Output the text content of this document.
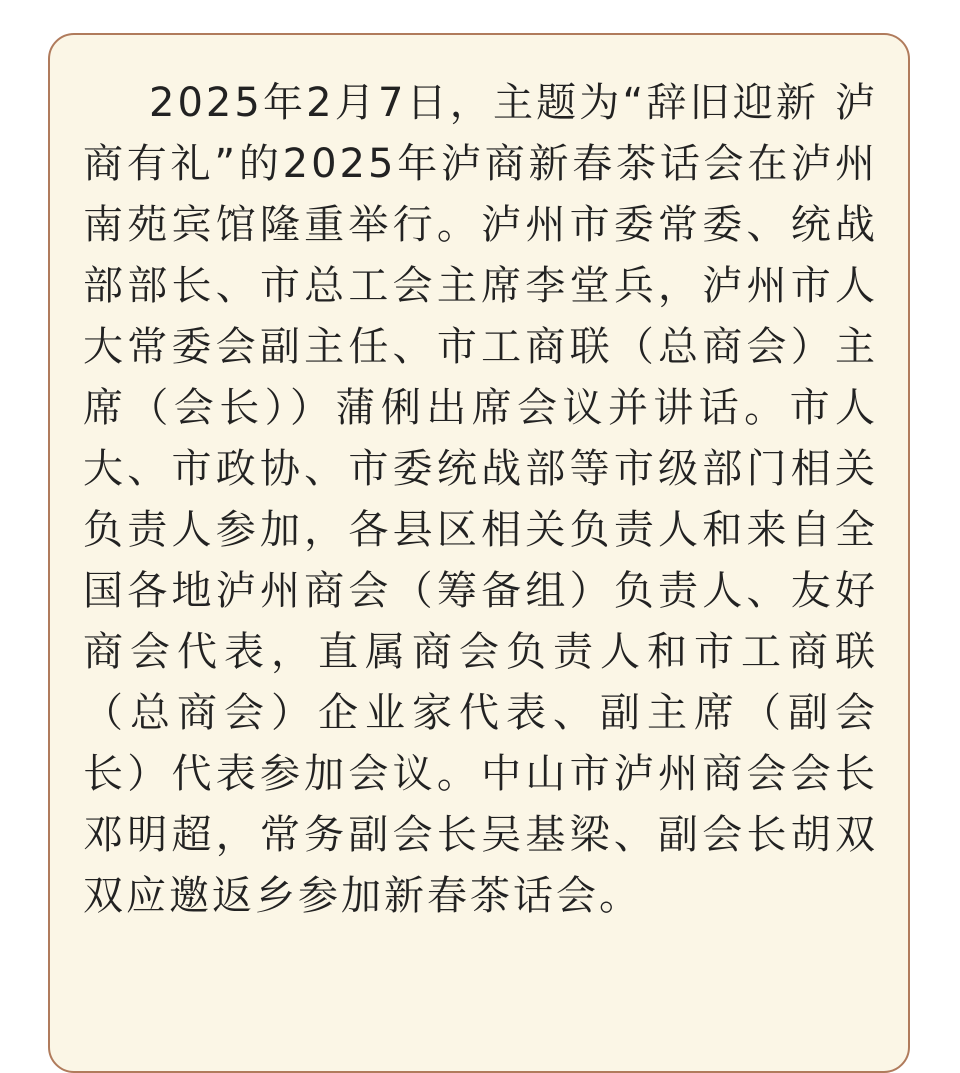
2025年2月7日，主题为“辞旧迎新 泸商有礼”的2025年泸商新春茶话会在泸州南苑宾馆隆重举行。泸州市委常委、统战部部长、市总工会主席李堂兵，泸州市人大常委会副主任、市工商联（总商会）主席（会长））蒲俐出席会议并讲话。市人大、市政协、市委统战部等市级部门相关负责人参加，各县区相关负责人和来自全国各地泸州商会（筹备组）负责人、友好商会代表，直属商会负责人和市工商联（总商会）企业家代表、副主席（副会长）代表参加会议。中山市泸州商会会长邓明超，常务副会长吴基梁、副会长胡双双应邀返乡参加新春茶话会。
